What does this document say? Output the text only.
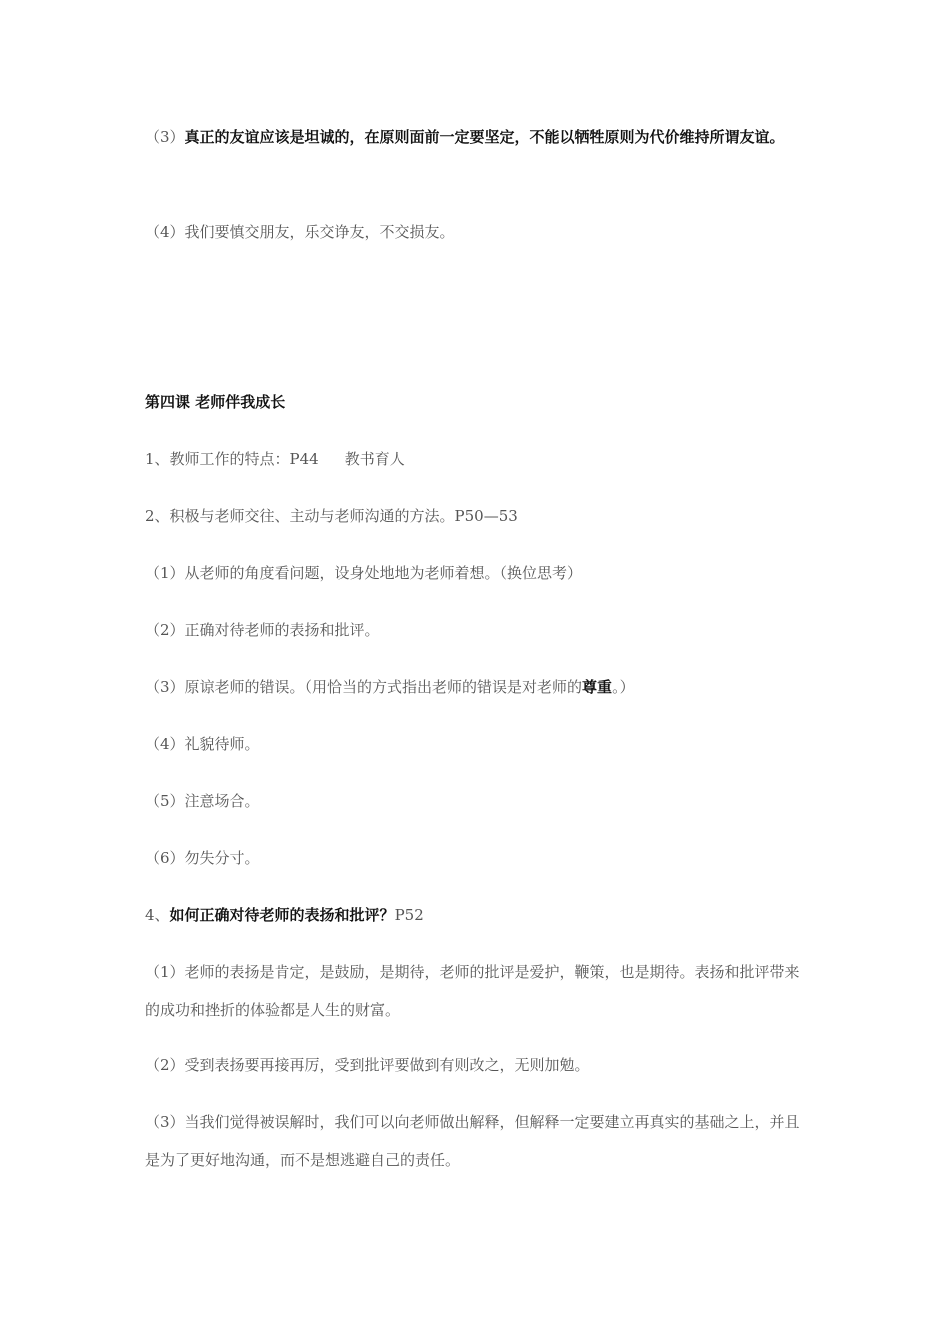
（3）真正的友谊应该是坦诚的，在原则面前一定要坚定，不能以牺牲原则为代价维持所谓友谊。

（4）我们要慎交朋友，乐交诤友，不交损友。

第四课 老师伴我成长

1、教师工作的特点：P44 教书育人

2、积极与老师交往、主动与老师沟通的方法。P50—53

（1）从老师的角度看问题，设身处地地为老师着想。（换位思考）

（2）正确对待老师的表扬和批评。

（3）原谅老师的错误。（用恰当的方式指出老师的错误是对老师的尊重。）

（4）礼貌待师。

（5）注意场合。

（6）勿失分寸。

4、如何正确对待老师的表扬和批评？P52

（1）老师的表扬是肯定，是鼓励，是期待，老师的批评是爱护，鞭策，也是期待。表扬和批评带来的成功和挫折的体验都是人生的财富。

（2）受到表扬要再接再厉，受到批评要做到有则改之，无则加勉。

（3）当我们觉得被误解时，我们可以向老师做出解释，但解释一定要建立再真实的基础之上，并且是为了更好地沟通，而不是想逃避自己的责任。
